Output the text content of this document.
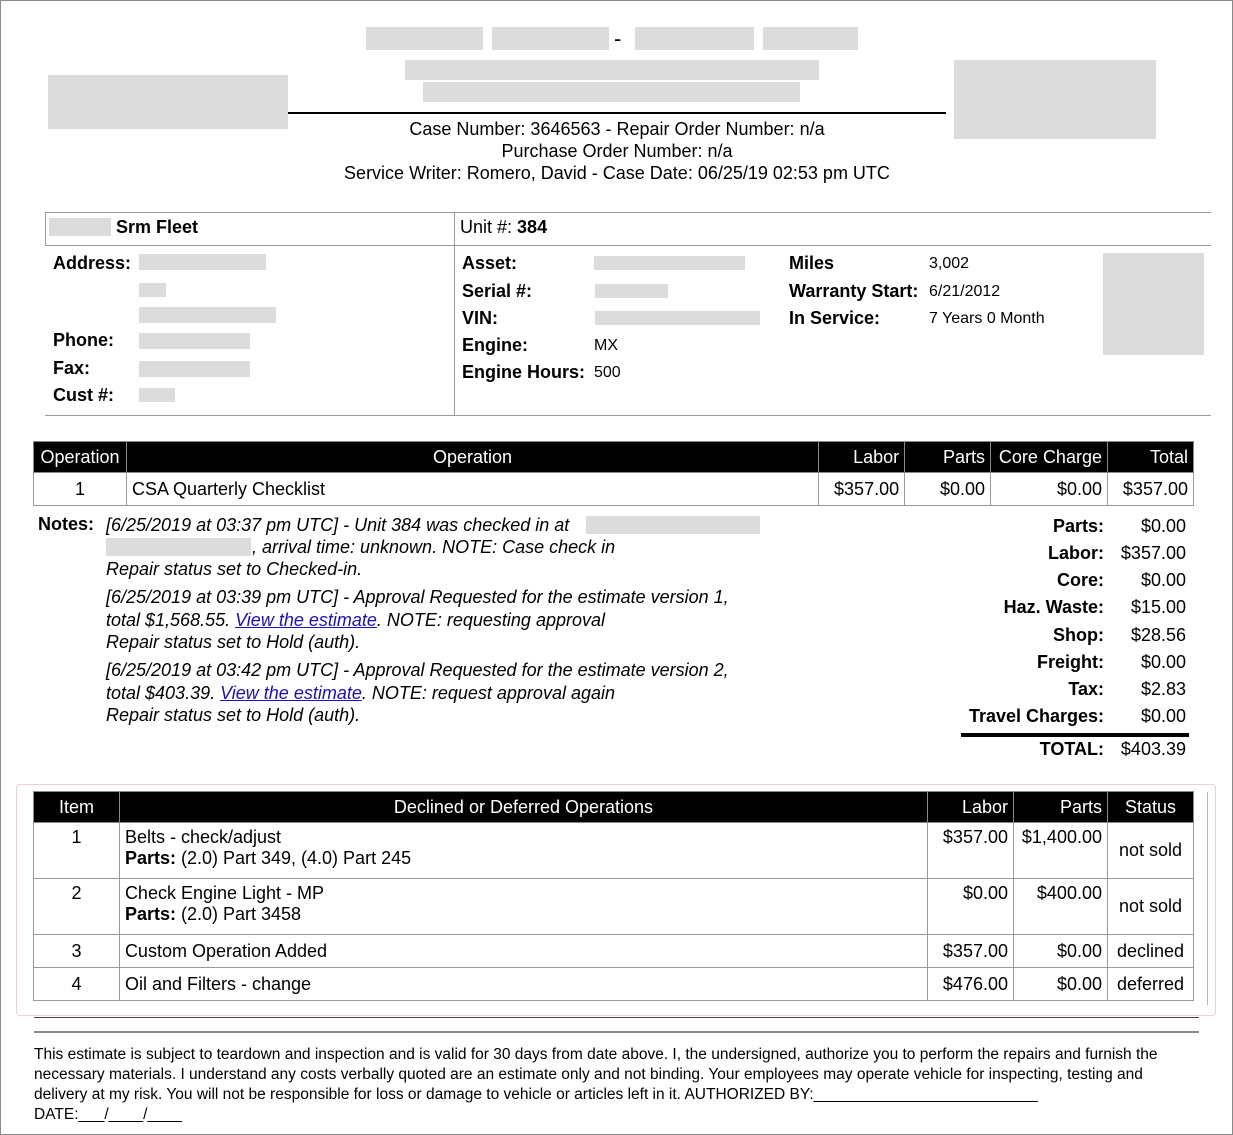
-
Case Number: 3646563 - Repair Order Number: n/a
Purchase Order Number: n/a
Service Writer: Romero, David - Case Date: 06/25/19 02:53 pm UTC
Srm Fleet	Unit #: 384
Address:
Phone:
Fax:
Cust #:
Asset:
Serial #:
VIN:
Engine:	MX
Engine Hours: 500
Miles	3,002
Warranty Start: 6/21/2012
In Service:	7 Years 0 Month
Operation	Operation	Labor	Parts	Core Charge	Total
1	CSA Quarterly Checklist	$357.00	$0.00	$0.00	$357.00
Notes: [6/25/2019 at 03:37 pm UTC] - Unit 384 was checked in at
, arrival time: unknown. NOTE: Case check in
Repair status set to Checked-in.
[6/25/2019 at 03:39 pm UTC] - Approval Requested for the estimate version 1,
total $1,568.55. View the estimate. NOTE: requesting approval
Repair status set to Hold (auth).
[6/25/2019 at 03:42 pm UTC] - Approval Requested for the estimate version 2,
total $403.39. View the estimate. NOTE: request approval again
Repair status set to Hold (auth).
Parts: $0.00
Labor: $357.00
Core: $0.00
Haz. Waste: $15.00
Shop: $28.56
Freight: $0.00
Tax: $2.83
Travel Charges: $0.00
TOTAL: $403.39
Item	Declined or Deferred Operations	Labor	Parts	Status
1	Belts - check/adjust
Parts: (2.0) Part 349, (4.0) Part 245	$357.00	$1,400.00	not sold
2	Check Engine Light - MP
Parts: (2.0) Part 3458	$0.00	$400.00	not sold
3	Custom Operation Added	$357.00	$0.00	declined
4	Oil and Filters - change	$476.00	$0.00	deferred
This estimate is subject to teardown and inspection and is valid for 30 days from date above. I, the undersigned, authorize you to perform the repairs and furnish the necessary materials. I understand any costs verbally quoted are an estimate only and not binding. Your employees may operate vehicle for inspecting, testing and delivery at my risk. You will not be responsible for loss or damage to vehicle or articles left in it. AUTHORIZED BY:__________________________
DATE:___/____/____
